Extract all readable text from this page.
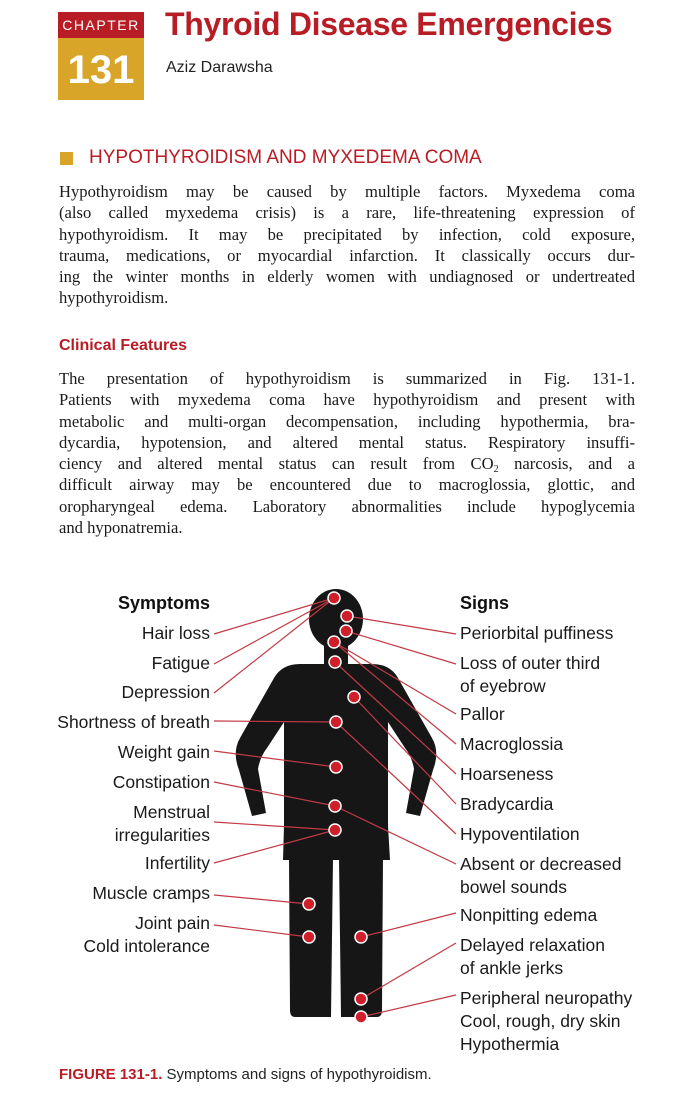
CHAPTER
131
Thyroid Disease Emergencies
Aziz Darawsha
HYPOTHYROIDISM AND MYXEDEMA COMA
Hypothyroidism may be caused by multiple factors. Myxedema coma
(also called myxedema crisis) is a rare, life-threatening expression of
hypothyroidism. It may be precipitated by infection, cold exposure,
trauma, medications, or myocardial infarction. It classically occurs dur-
ing the winter months in elderly women with undiagnosed or undertreated
hypothyroidism.
Clinical Features
The presentation of hypothyroidism is summarized in Fig. 131-1.
Patients with myxedema coma have hypothyroidism and present with
metabolic and multi-organ decompensation, including hypothermia, bra-
dycardia, hypotension, and altered mental status. Respiratory insuffi-
ciency and altered mental status can result from $CO_2$ narcosis, and a
difficult airway may be encountered due to macroglossia, glottic, and
oropharyngeal edema. Laboratory abnormalities include hypoglycemia
and hyponatremia.
Symptoms	Signs
Hair loss
Fatigue
Depression
Shortness of breath
Weight gain
Constipation
Menstrual
irregularities
Infertility
Muscle cramps
Joint pain
Cold intolerance
Periorbital puffiness
Loss of outer third
of eyebrow
Pallor
Macroglossia
Hoarseness
Bradycardia
Hypoventilation
Absent or decreased
bowel sounds
Nonpitting edema
Delayed relaxation
of ankle jerks
Peripheral neuropathy
Cool, rough, dry skin
Hypothermia
FIGURE 131-1. Symptoms and signs of hypothyroidism.
